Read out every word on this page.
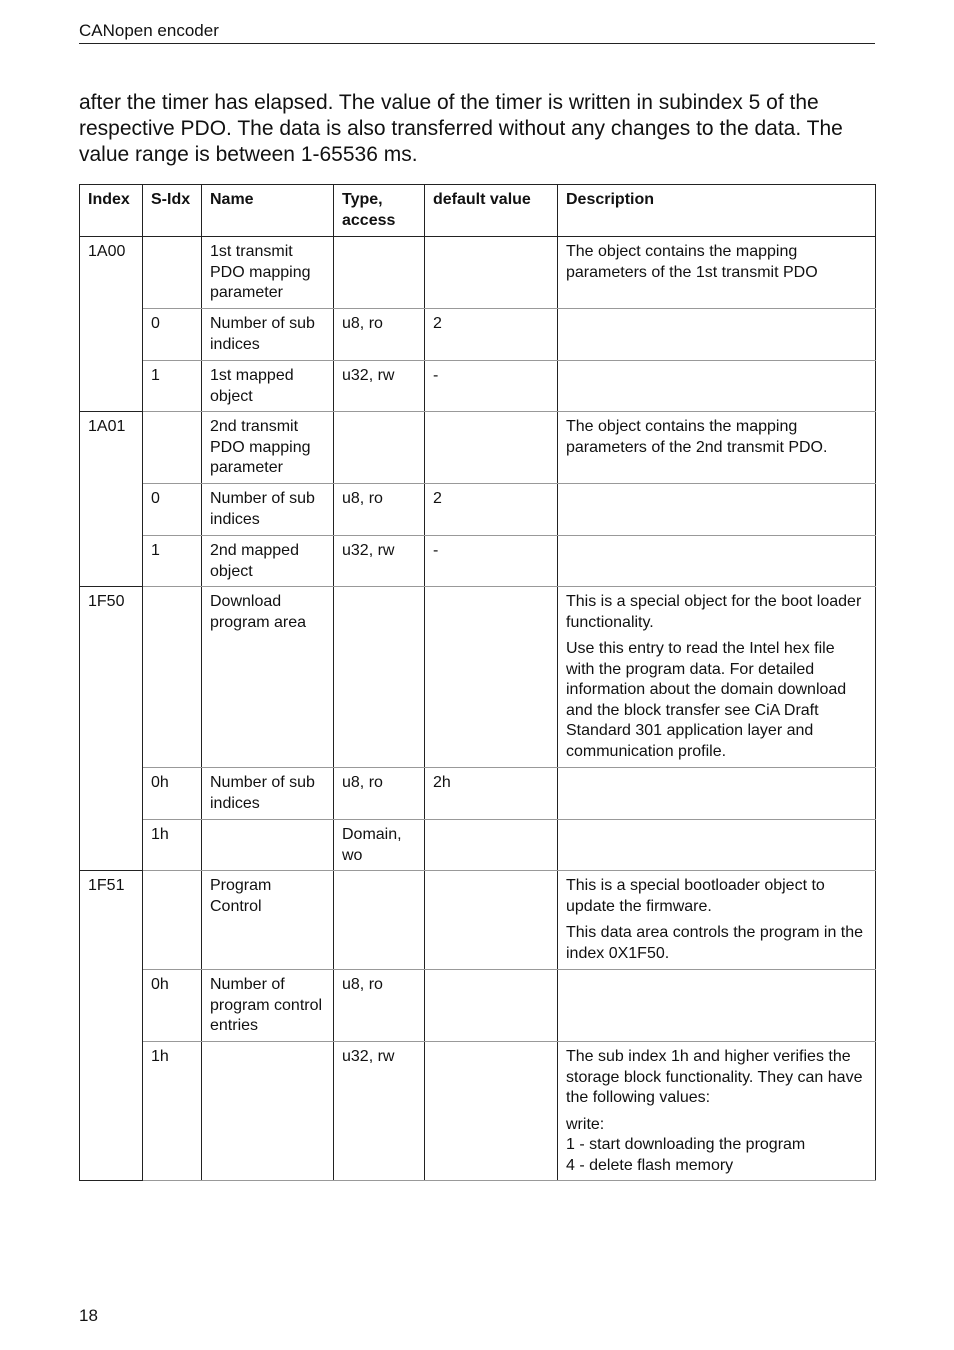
CANopen encoder

after the timer has elapsed. The value of the timer is written in subindex 5 of the respective PDO. The data is also transferred without any changes to the data. The value range is between 1-65536 ms.

Index	S-Idx	Name	Type, access	default value	Description
1A00		1st transmit PDO mapping parameter			The object contains the mapping parameters of the 1st transmit PDO

	0	Number of sub indices	u8, ro	2	
	1	1st mapped object	u32, rw	-	
1A01		2nd transmit PDO mapping parameter			The object contains the mapping parameters of the 2nd transmit PDO.

	0	Number of sub indices	u8, ro	2	
	1	2nd mapped object	u32, rw	-	
1F50		Download program area			This is a special object for the boot loader functionality.

Use this entry to read the Intel hex file with the program data. For detailed information about the domain download and the block transfer see CiA Draft Standard 301 application layer and communication profile.

	0h	Number of sub indices	u8, ro	2h	
	1h		Domain, wo		
1F51		Program Control			This is a special bootloader object to update the firmware.

This data area controls the program in the index 0X1F50.

	0h	Number of program control entries	u8, ro		
	1h		u32, rw		The sub index 1h and higher verifies the storage block functionality. They can have the following values:

write:
1 - start downloading the program
4 - delete flash memory

18
